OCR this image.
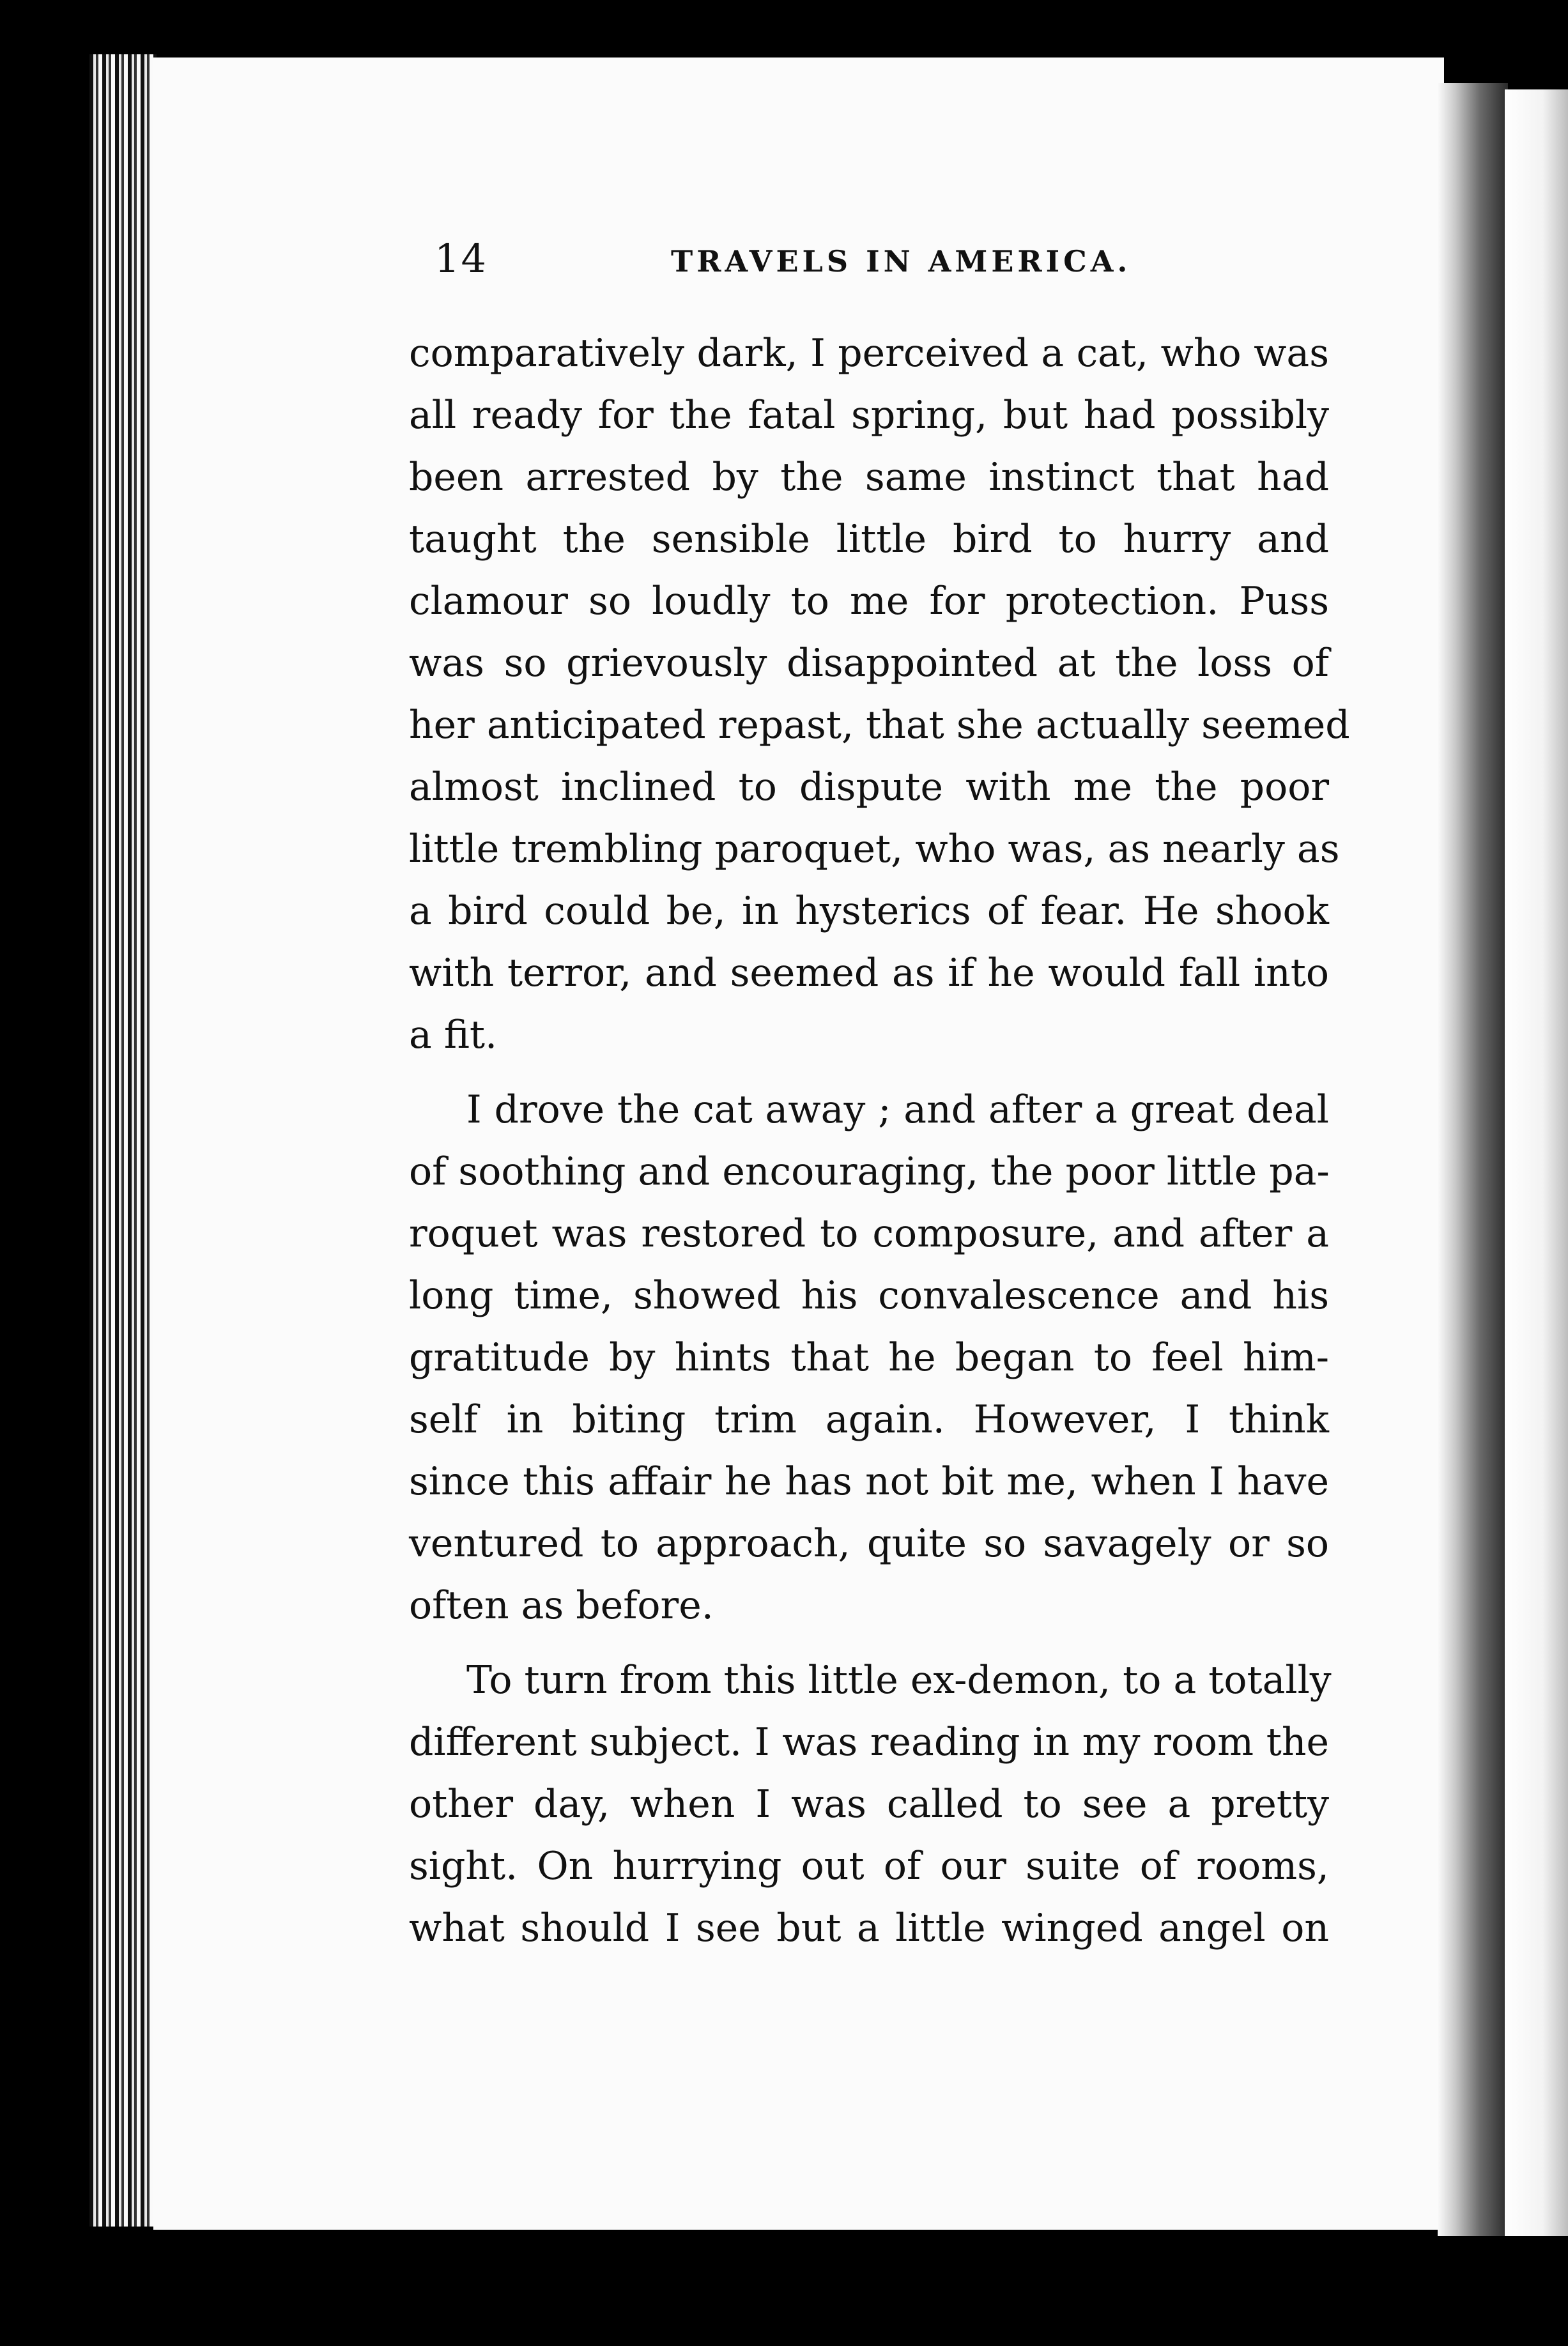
14	TRAVELS IN AMERICA.
comparatively dark, I perceived a cat, who was
all ready for the fatal spring, but had possibly
been arrested by the same instinct that had
taught the sensible little bird to hurry and
clamour so loudly to me for protection. Puss
was so grievously disappointed at the loss of
her anticipated repast, that she actually seemed
almost inclined to dispute with me the poor
little trembling paroquet, who was, as nearly as
a bird could be, in hysterics of fear. He shook
with terror, and seemed as if he would fall into
a fit.
I drove the cat away ; and after a great deal
of soothing and encouraging, the poor little pa-
roquet was restored to composure, and after a
long time, showed his convalescence and his
gratitude by hints that he began to feel him-
self in biting trim again. However, I think
since this affair he has not bit me, when I have
ventured to approach, quite so savagely or so
often as before.
To turn from this little ex-demon, to a totally
different subject. I was reading in my room the
other day, when I was called to see a pretty
sight. On hurrying out of our suite of rooms,
what should I see but a little winged angel on
